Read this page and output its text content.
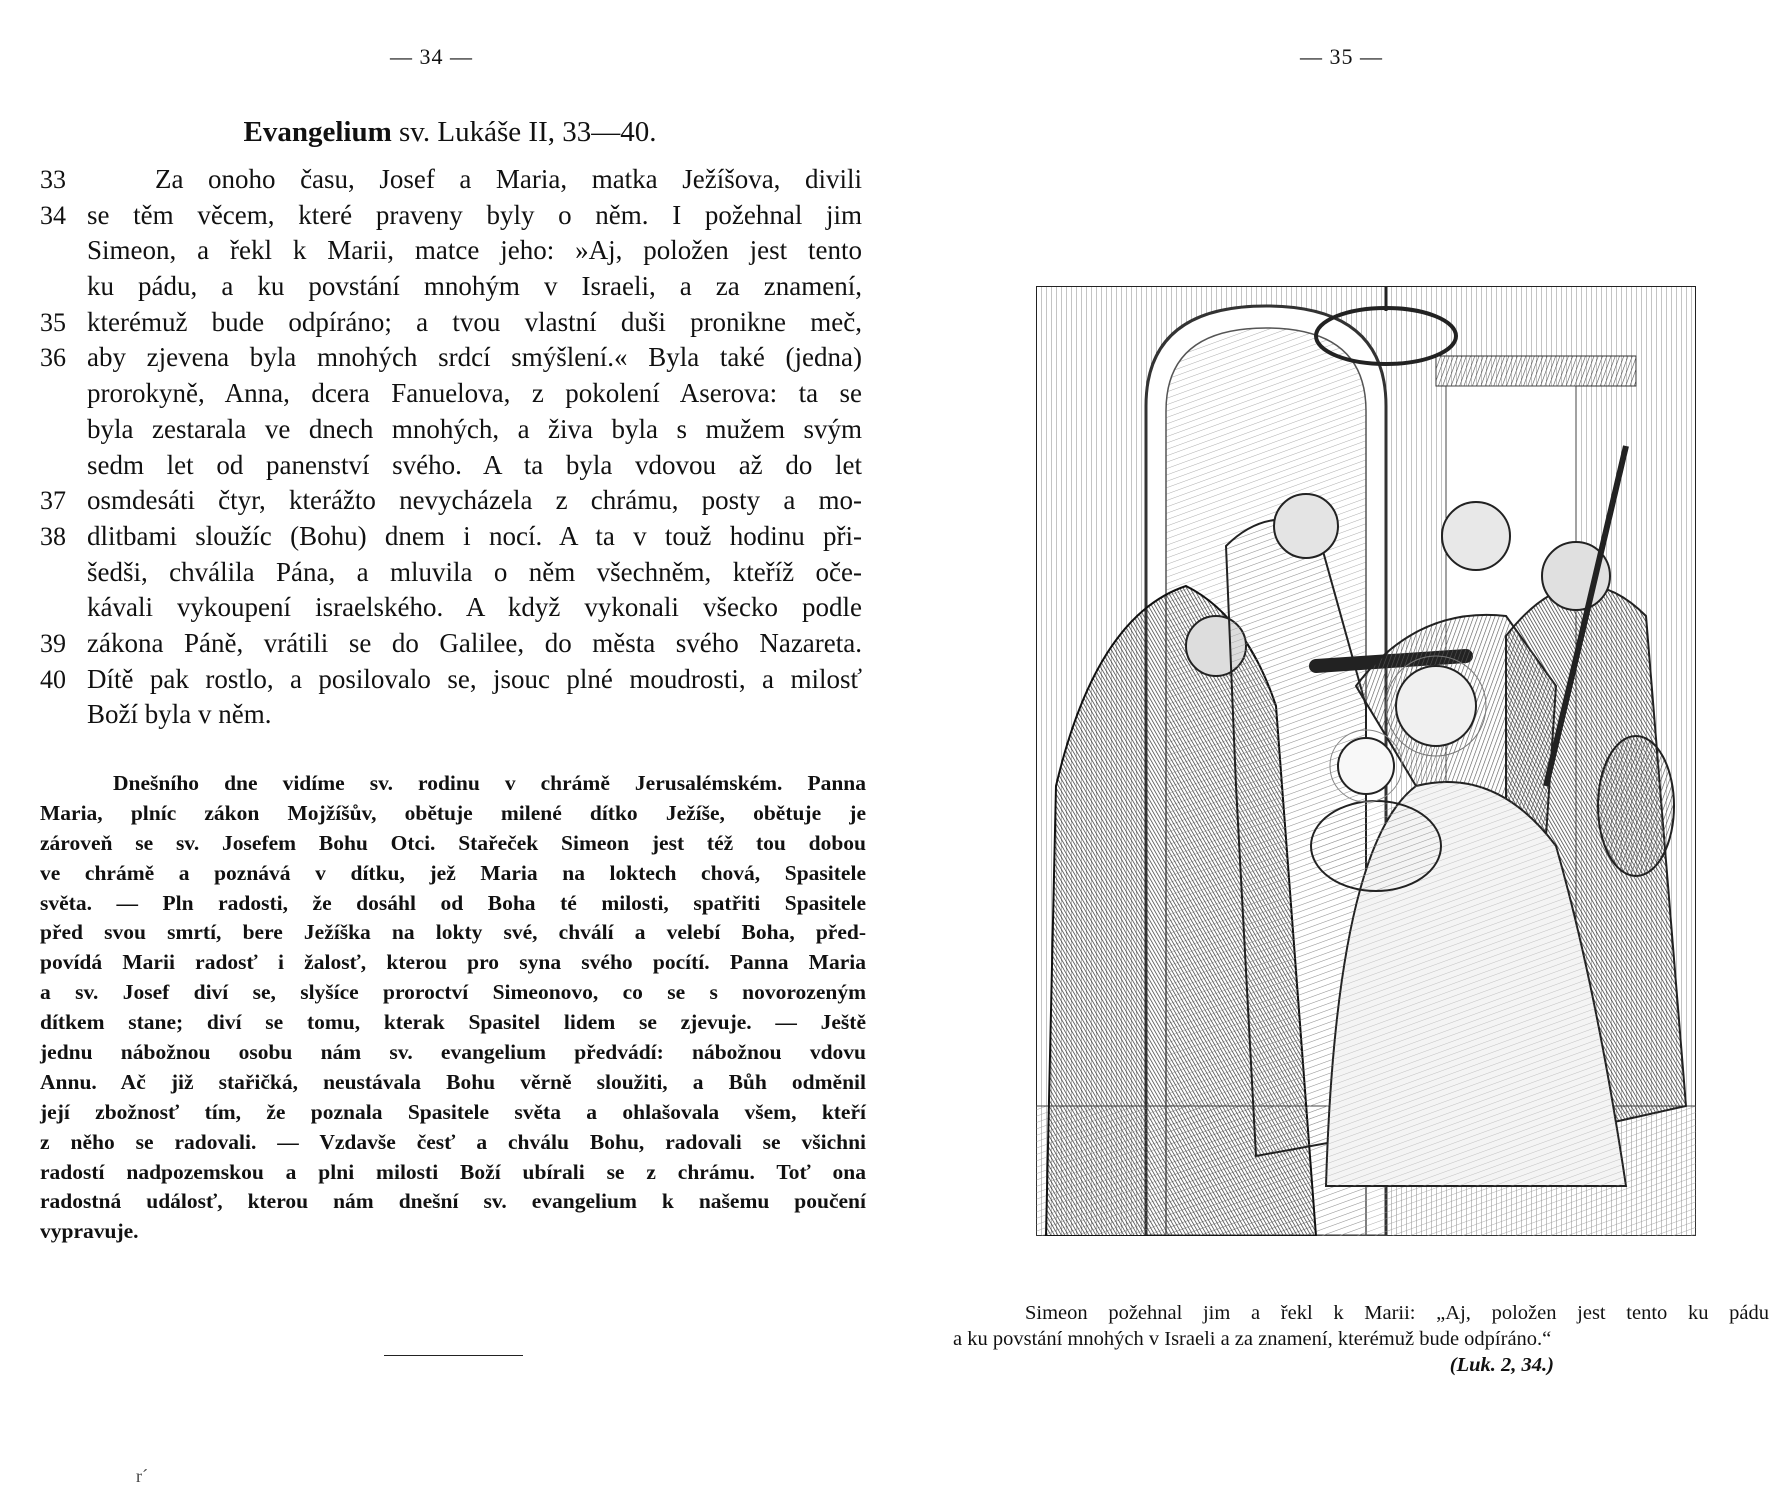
— 34 —	— 35 —
Evangelium sv. Lukáše II, 33—40.
33	Za onoho času, Josef a Maria, matka Ježíšova, divili
34 se těm věcem, které praveny byly o něm. I požehnal jim
Simeon, a řekl k Marii, matce jeho: »Aj, položen jest tento
ku pádu, a ku povstání mnohým v Israeli, a za znamení,
35 kterémuž bude odpíráno; a tvou vlastní duši pronikne meč,
36 aby zjevena byla mnohých srdcí smýšlení.« Byla také (jedna)
prorokyně, Anna, dcera Fanuelova, z pokolení Aserova: ta se
byla zestarala ve dnech mnohých, a živa byla s mužem svým
sedm let od panenství svého. A ta byla vdovou až do let
37 osmdesáti čtyr, kterážto nevycházela z chrámu, posty a mo-
38 dlitbami sloužíc (Bohu) dnem i nocí. A ta v touž hodinu při-
šedši, chválila Pána, a mluvila o něm všechněm, kteříž oče-
kávali vykoupení israelského. A když vykonali všecko podle
39 zákona Páně, vrátili se do Galilee, do města svého Nazareta.
40 Dítě pak rostlo, a posilovalo se, jsouc plné moudrosti, a milosť
Boží byla v něm.
Dnešního dne vidíme sv. rodinu v chrámě Jerusalémském. Panna
Maria, plníc zákon Mojžíšův, obětuje milené dítko Ježíše, obětuje je
zároveň se sv. Josefem Bohu Otci. Stařeček Simeon jest též tou dobou
ve chrámě a poznává v dítku, jež Maria na loktech chová, Spasitele
světa. — Pln radosti, že dosáhl od Boha té milosti, spatřiti Spasitele
před svou smrtí, bere Ježíška na lokty své, chválí a velebí Boha, před-
povídá Marii radosť i žalosť, kterou pro syna svého pocítí. Panna Maria
a sv. Josef diví se, slyšíce proroctví Simeonovo, co se s novorozeným
dítkem stane; diví se tomu, kterak Spasitel lidem se zjevuje. — Ještě
jednu nábožnou osobu nám sv. evangelium předvádí: nábožnou vdovu
Annu. Ač již stařičká, neustávala Bohu věrně sloužiti, a Bůh odměnil
její zbožnosť tím, že poznala Spasitele světa a ohlašovala všem, kteří
z něho se radovali. — Vzdavše česť a chválu Bohu, radovali se všichni
radostí nadpozemskou a plni milosti Boží ubírali se z chrámu. Toť ona
radostná událosť, kterou nám dnešní sv. evangelium k našemu poučení
vypravuje.
r´
Simeon požehnal jim a řekl k Marii: „Aj, položen jest tento ku pádu
a ku povstání mnohých v Israeli a za znamení, kterémuž bude odpíráno.“
(Luk. 2, 34.)
